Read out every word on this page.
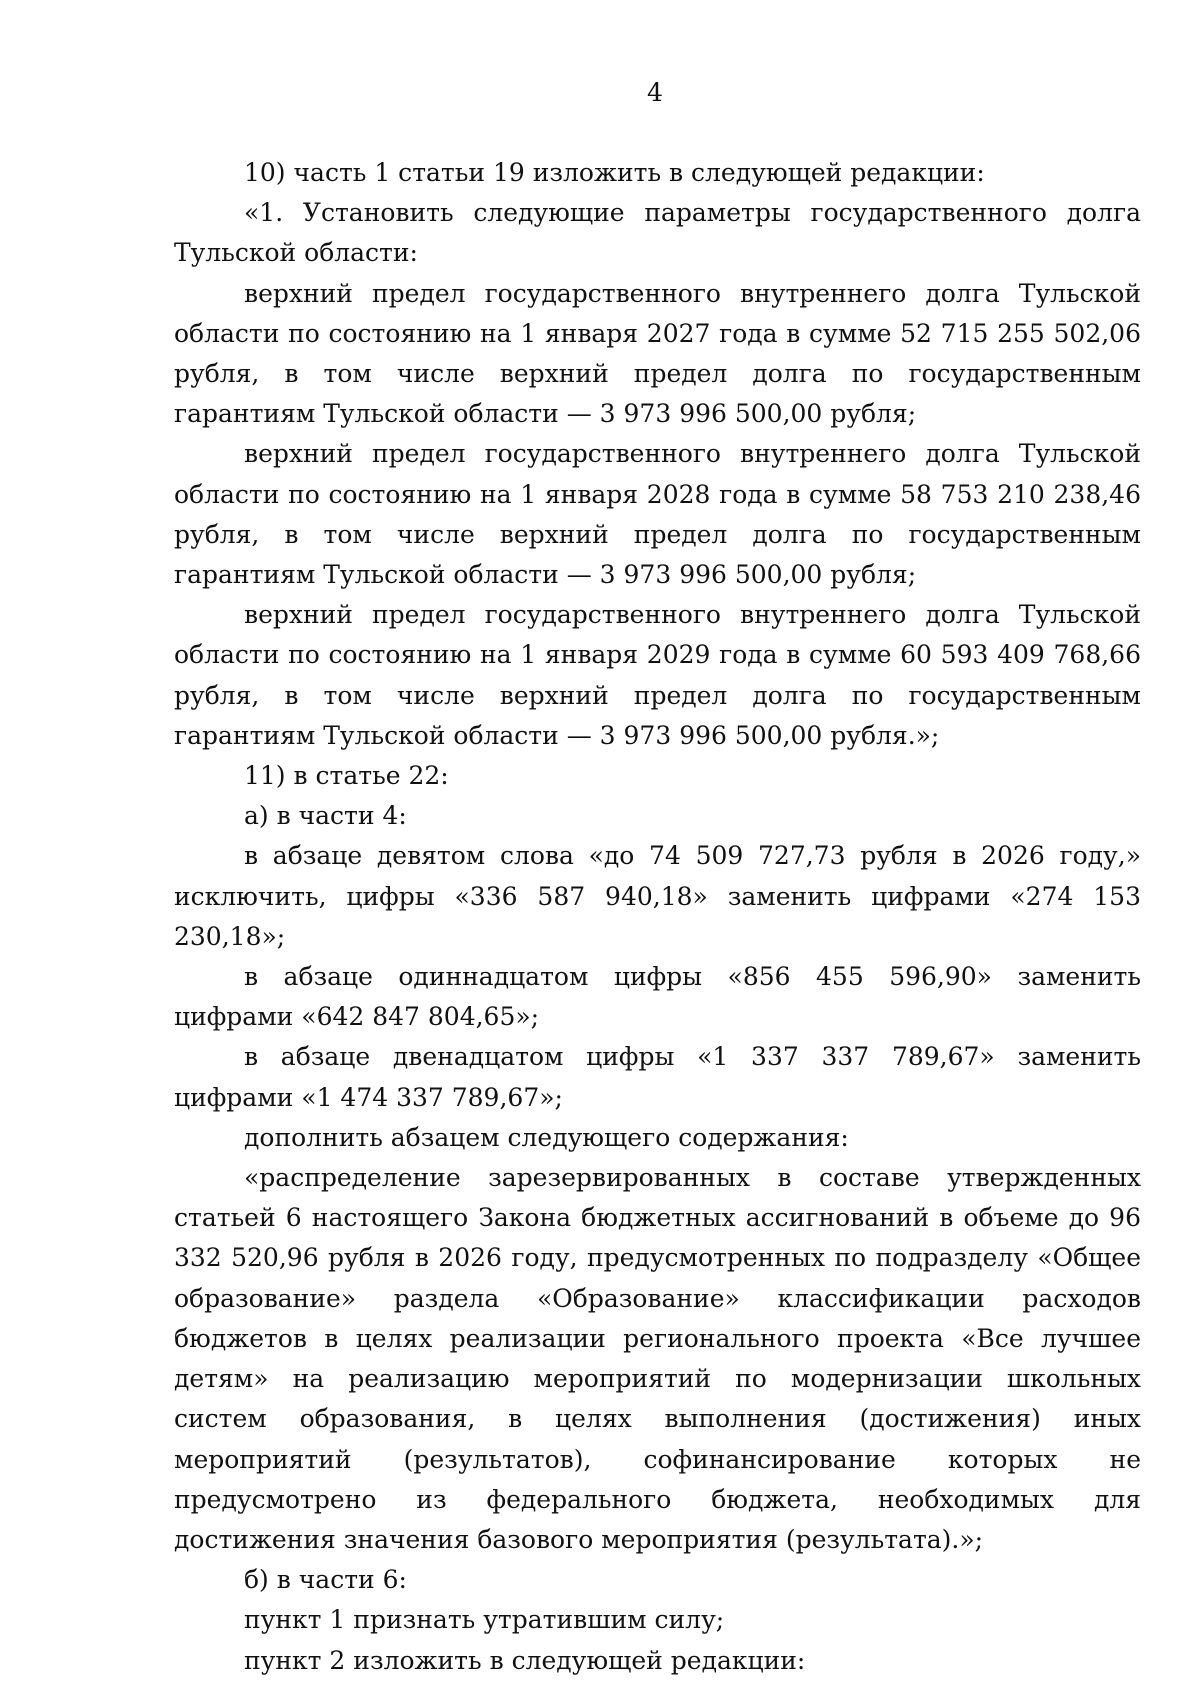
4

10) часть 1 статьи 19 изложить в следующей редакции:

«1. Установить следующие параметры государственного долга Тульской области:

верхний предел государственного внутреннего долга Тульской области по состоянию на 1 января 2027 года в сумме 52 715 255 502,06 рубля, в том числе верхний предел долга по государственным гарантиям Тульской области — 3 973 996 500,00 рубля;

верхний предел государственного внутреннего долга Тульской области по состоянию на 1 января 2028 года в сумме 58 753 210 238,46 рубля, в том числе верхний предел долга по государственным гарантиям Тульской области — 3 973 996 500,00 рубля;

верхний предел государственного внутреннего долга Тульской области по состоянию на 1 января 2029 года в сумме 60 593 409 768,66 рубля, в том числе верхний предел долга по государственным гарантиям Тульской области — 3 973 996 500,00 рубля.»;

11) в статье 22:

а) в части 4:

в абзаце девятом слова «до 74 509 727,73 рубля в 2026 году,» исключить, цифры «336 587 940,18» заменить цифрами «274 153 230,18»;

в абзаце одиннадцатом цифры «856 455 596,90» заменить цифрами «642 847 804,65»;

в абзаце двенадцатом цифры «1 337 337 789,67» заменить цифрами «1 474 337 789,67»;

дополнить абзацем следующего содержания:

«распределение зарезервированных в составе утвержденных статьей 6 настоящего Закона бюджетных ассигнований в объеме до 96 332 520,96 рубля в 2026 году, предусмотренных по подразделу «Общее образование» раздела «Образование» классификации расходов бюджетов в целях реализации регионального проекта «Все лучшее детям» на реализацию мероприятий по модернизации школьных систем образования, в целях выполнения (достижения) иных мероприятий (результатов), софинансирование которых не предусмотрено из федерального бюджета, необходимых для достижения значения базового мероприятия (результата).»;

б) в части 6:

пункт 1 признать утратившим силу;

пункт 2 изложить в следующей редакции:
